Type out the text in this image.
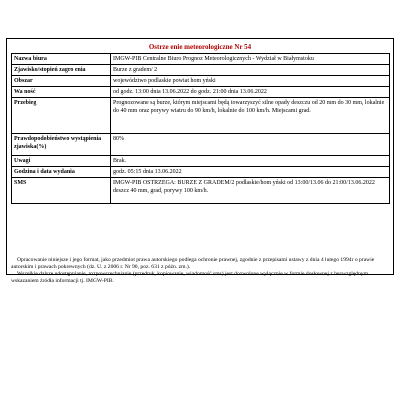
Ostrze enie meteorologiczne Nr 54
Nazwa biura	IMGW-PIB Centralne Biuro Prognoz Meteorologicznych - Wydział w Białymstoku
Zjawisko/stopień zagro enia	Burze z gradem/ 2
Obszar	województwo podlaskie powiat hom yński
Wa ność	od godz. 13:00 dnia 13.06.2022 do godz. 21:00 dnia 13.06.2022
Przebieg	Prognozowane są burze, którym miejscami będą towarzyszyć silne opady deszczu od 20 mm do 30 mm, lokalnie do 40 mm oraz porywy wiatru do 90 km/h, lokalnie do 100 km/h. Miejscami grad.
Prawdopodobieństwo wystąpienia zjawiska(%)	80%
Uwagi	Brak.
Godzina i data wydania	godz. 05:15 dnia 13.06.2022
SMS	IMGW-PIB OSTRZEGA: BURZE Z GRADEM/2 podlaskie/hom yński od 13:00/13.06 do 21:00/13.06.2022 deszcz 40 mm, grad, porywy 100 km/h.

Opracowanie niniejsze i jego format, jako przedmiot prawa autorskiego podlega ochronie prawnej, zgodnie z przepisami ustawy z dnia 4 lutego 1994r o prawie autorskim i prawach pokrewnych (dz. U. z 2006 r. Nr 90, poz. 631 z późn. zm.).

Wszelkie dalsze udostępnianie, rozpowszechnianie (przedruk, kopiowanie, wiadomość sms) jest dozwolone wyłącznie w formie dosłownej z bezwzględnym wskazaniem źródła informacji tj. IMGW-PIB.
